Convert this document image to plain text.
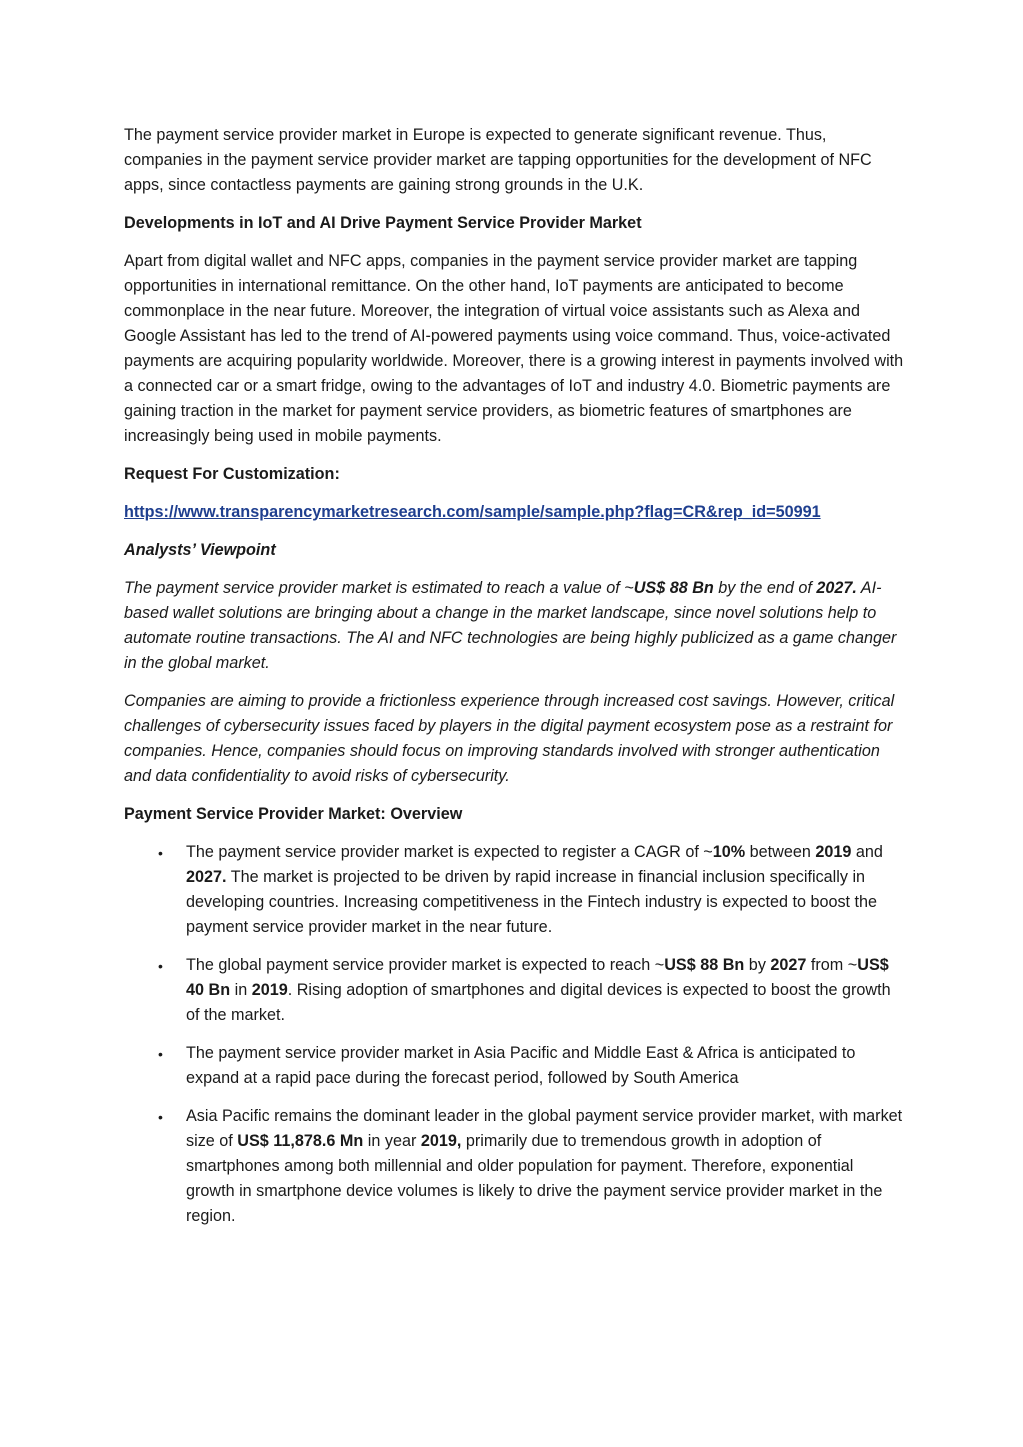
The payment service provider market in Europe is expected to generate significant revenue. Thus, companies in the payment service provider market are tapping opportunities for the development of NFC apps, since contactless payments are gaining strong grounds in the U.K.

Developments in IoT and AI Drive Payment Service Provider Market

Apart from digital wallet and NFC apps, companies in the payment service provider market are tapping opportunities in international remittance. On the other hand, IoT payments are anticipated to become commonplace in the near future. Moreover, the integration of virtual voice assistants such as Alexa and Google Assistant has led to the trend of AI-powered payments using voice command. Thus, voice-activated payments are acquiring popularity worldwide. Moreover, there is a growing interest in payments involved with a connected car or a smart fridge, owing to the advantages of IoT and industry 4.0. Biometric payments are gaining traction in the market for payment service providers, as biometric features of smartphones are increasingly being used in mobile payments.

Request For Customization:

https://www.transparencymarketresearch.com/sample/sample.php?flag=CR&rep_id=50991

Analysts’ Viewpoint

The payment service provider market is estimated to reach a value of ~US$ 88 Bn by the end of 2027. AI-based wallet solutions are bringing about a change in the market landscape, since novel solutions help to automate routine transactions. The AI and NFC technologies are being highly publicized as a game changer in the global market.

Companies are aiming to provide a frictionless experience through increased cost savings. However, critical challenges of cybersecurity issues faced by players in the digital payment ecosystem pose as a restraint for companies. Hence, companies should focus on improving standards involved with stronger authentication and data confidentiality to avoid risks of cybersecurity.

Payment Service Provider Market: Overview

• The payment service provider market is expected to register a CAGR of ~10% between 2019 and 2027. The market is projected to be driven by rapid increase in financial inclusion specifically in developing countries. Increasing competitiveness in the Fintech industry is expected to boost the payment service provider market in the near future.
• The global payment service provider market is expected to reach ~US$ 88 Bn by 2027 from ~US$ 40 Bn in 2019. Rising adoption of smartphones and digital devices is expected to boost the growth of the market.
• The payment service provider market in Asia Pacific and Middle East & Africa is anticipated to expand at a rapid pace during the forecast period, followed by South America
• Asia Pacific remains the dominant leader in the global payment service provider market, with market size of US$ 11,878.6 Mn in year 2019, primarily due to tremendous growth in adoption of smartphones among both millennial and older population for payment. Therefore, exponential growth in smartphone device volumes is likely to drive the payment service provider market in the region.
